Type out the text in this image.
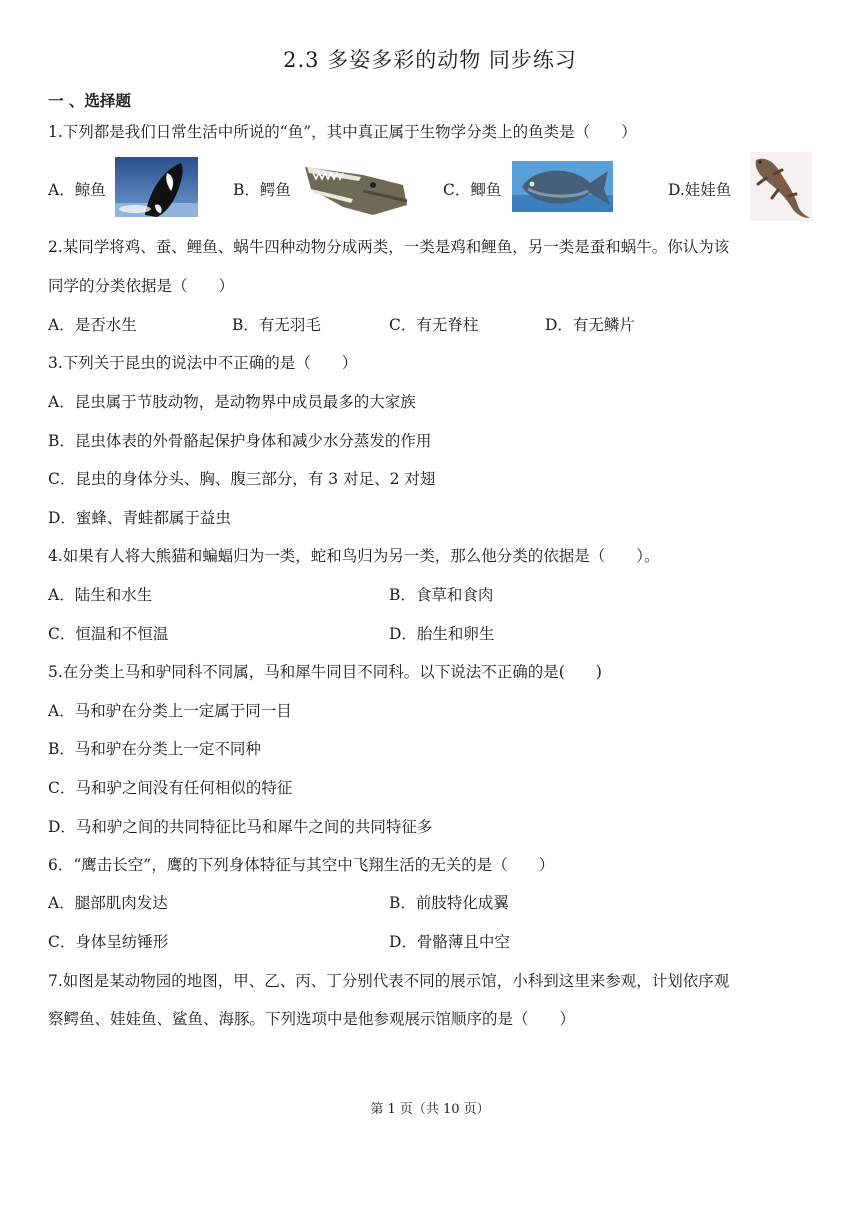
2.3 多姿多彩的动物 同步练习
一 、选择题
1.下列都是我们日常生活中所说的“鱼”，其中真正属于生物学分类上的鱼类是（　　）
A．鲸鱼	B．鳄鱼	C．鲫鱼	D.娃娃鱼
2.某同学将鸡、蚕、鲤鱼、蜗牛四种动物分成两类，一类是鸡和鲤鱼，另一类是蚕和蜗牛。你认为该
同学的分类依据是（　　）
A．是否水生	B．有无羽毛	C．有无脊柱	D．有无鳞片
3.下列关于昆虫的说法中不正确的是（　　）
A．昆虫属于节肢动物，是动物界中成员最多的大家族
B．昆虫体表的外骨骼起保护身体和减少水分蒸发的作用
C．昆虫的身体分头、胸、腹三部分，有 3 对足、2 对翅
D．蜜蜂、青蛙都属于益虫
4.如果有人将大熊猫和蝙蝠归为一类，蛇和鸟归为另一类，那么他分类的依据是（　　）。
A．陆生和水生	B．食草和食肉
C．恒温和不恒温	D．胎生和卵生
5.在分类上马和驴同科不同属，马和犀牛同目不同科。以下说法不正确的是(　　)
A．马和驴在分类上一定属于同一目
B．马和驴在分类上一定不同种
C．马和驴之间没有任何相似的特征
D．马和驴之间的共同特征比马和犀牛之间的共同特征多
6．“鹰击长空”，鹰的下列身体特征与其空中飞翔生活的无关的是（　　）
A．腿部肌肉发达	B．前肢特化成翼
C．身体呈纺锤形	D．骨骼薄且中空
7.如图是某动物园的地图，甲、乙、丙、丁分别代表不同的展示馆，小科到这里来参观，计划依序观
察鳄鱼、娃娃鱼、鲨鱼、海豚。下列选项中是他参观展示馆顺序的是（　　）
第 1 页（共 10 页）
